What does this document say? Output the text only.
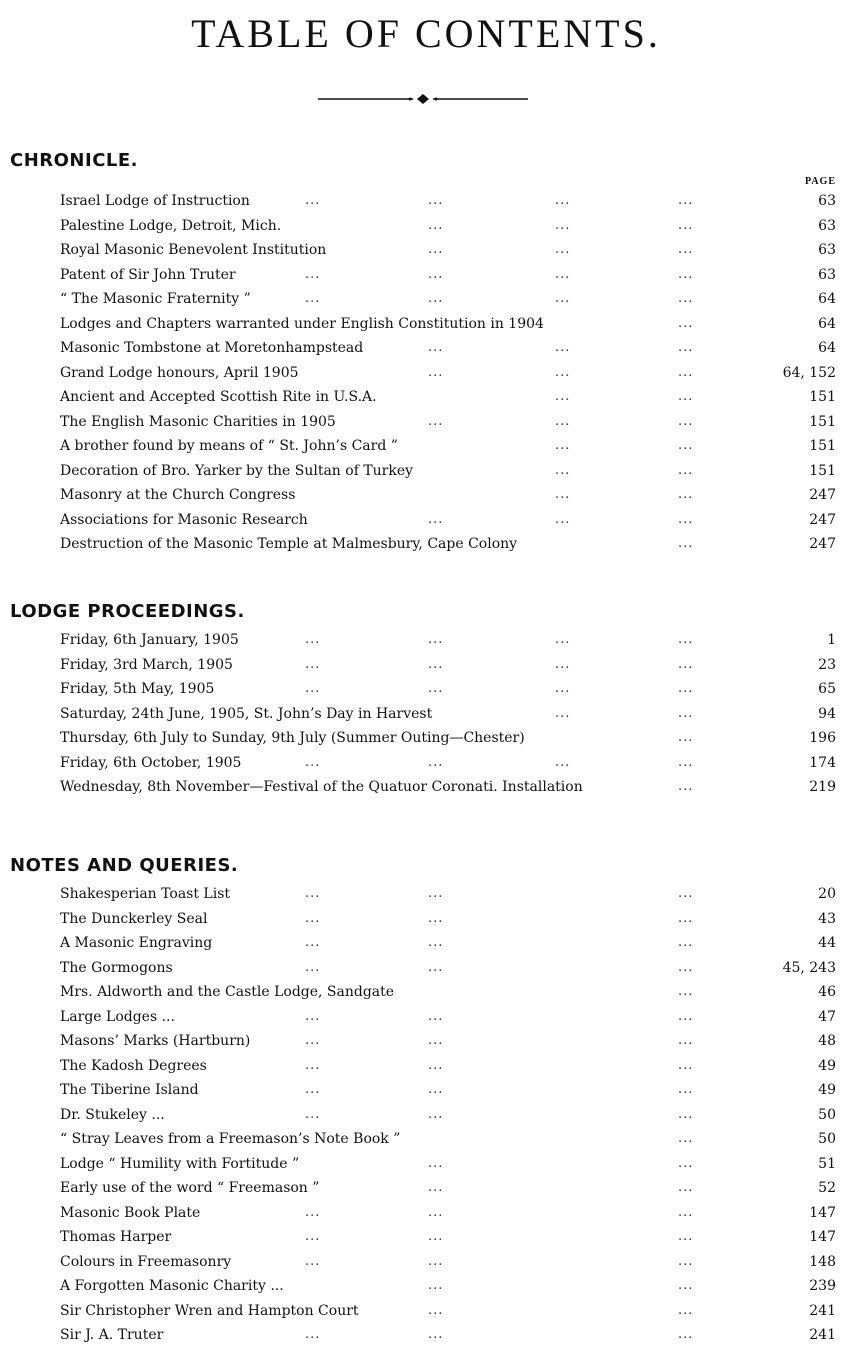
TABLE OF CONTENTS.
CHRONICLE.
PAGE
Israel Lodge of Instruction	...	...	...	...	63
Palestine Lodge, Detroit, Mich.	...	...	...	63
Royal Masonic Benevolent Institution	...	...	...	63
Patent of Sir John Truter	...	...	...	...	63
“ The Masonic Fraternity ”	...	...	...	...	64
Lodges and Chapters warranted under English Constitution in 1904	...	64
Masonic Tombstone at Moretonhampstead	...	...	...	64
Grand Lodge honours, April 1905	...	...	...	64, 152
Ancient and Accepted Scottish Rite in U.S.A.	...	...	151
The English Masonic Charities in 1905	...	...	...	151
A brother found by means of “ St. John’s Card ”	...	...	151
Decoration of Bro. Yarker by the Sultan of Turkey	...	...	151
Masonry at the Church Congress	...	...	247
Associations for Masonic Research	...	...	...	247
Destruction of the Masonic Temple at Malmesbury, Cape Colony	...	247
LODGE PROCEEDINGS.
Friday, 6th January, 1905	...	...	...	...	1
Friday, 3rd March, 1905	...	...	...	...	23
Friday, 5th May, 1905	...	...	...	...	65
Saturday, 24th June, 1905, St. John’s Day in Harvest	...	...	94
Thursday, 6th July to Sunday, 9th July (Summer Outing—Chester)	...	196
Friday, 6th October, 1905	...	...	...	...	174
Wednesday, 8th November—Festival of the Quatuor Coronati. Installation	...	219
NOTES AND QUERIES.
Shakesperian Toast List	...	...	...	20
The Dunckerley Seal	...	...	...	43
A Masonic Engraving	...	...	...	44
The Gormogons	...	...	...	45, 243
Mrs. Aldworth and the Castle Lodge, Sandgate	...	46
Large Lodges ...	...	...	...	47
Masons’ Marks (Hartburn)	...	...	...	48
The Kadosh Degrees	...	...	...	49
The Tiberine Island	...	...	...	49
Dr. Stukeley ...	...	...	...	50
“ Stray Leaves from a Freemason’s Note Book ”	...	50
Lodge “ Humility with Fortitude ”	...	...	51
Early use of the word “ Freemason ”	...	...	52
Masonic Book Plate	...	...	...	147
Thomas Harper	...	...	...	147
Colours in Freemasonry	...	...	...	148
A Forgotten Masonic Charity ...	...	...	239
Sir Christopher Wren and Hampton Court	...	...	241
Sir J. A. Truter	...	...	...	241
